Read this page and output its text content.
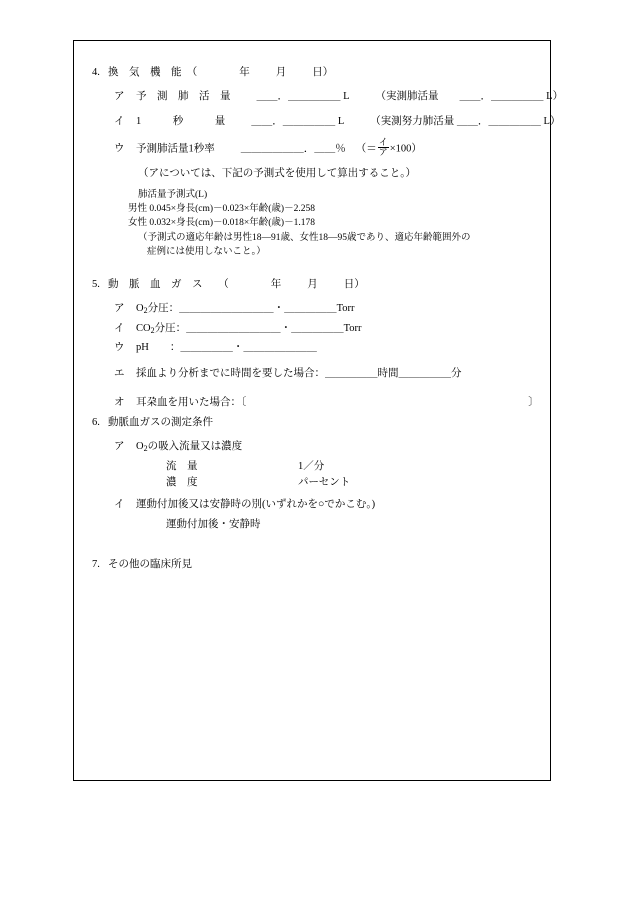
4. 換　気　機　能　（	年 月 日）
ア 予　測　肺　活　量 ＿＿．＿＿＿＿＿ L （実測肺活量　　＿＿．＿＿＿＿＿ L）
イ 1　　　秒　　　量 ＿＿．＿＿＿＿＿ L （実測努力肺活量 ＿＿．＿＿＿＿＿ L）
ウ 予測肺活量1秒率 ＿＿＿＿＿＿．＿＿％ （＝ $\frac{\text{イ}}{\text{ア}} \times 100$）
（アについては、下記の予測式を使用して算出すること。）
肺活量予測式(L)
男性 0.045×身長(cm)－0.023×年齢(歳)－2.258
女性 0.032×身長(cm)－0.018×年齢(歳)－1.178
（予測式の適応年齢は男性18—91歳、女性18—95歳であり、適応年齢範囲外の
症例には使用しないこと。）
5. 動　脈　血　ガ　ス　　（	年 月 日）
ア $O_2$分圧：＿＿＿＿＿＿＿＿＿・＿＿＿＿＿Torr
イ $CO_2$分圧：＿＿＿＿＿＿＿＿＿・＿＿＿＿＿Torr
ウ pH　　：＿＿＿＿＿・＿＿＿＿＿＿＿
エ 採血より分析までに時間を要した場合：＿＿＿＿＿時間＿＿＿＿＿分
オ 耳朶血を用いた場合：〔	〕
6. 動脈血ガスの測定条件
ア $O_2$の吸入流量又は濃度
流　量	1／分
濃　度	パーセント
イ 運動付加後又は安静時の別(いずれかを○でかこむ。)
運動付加後・安静時
7. その他の臨床所見
